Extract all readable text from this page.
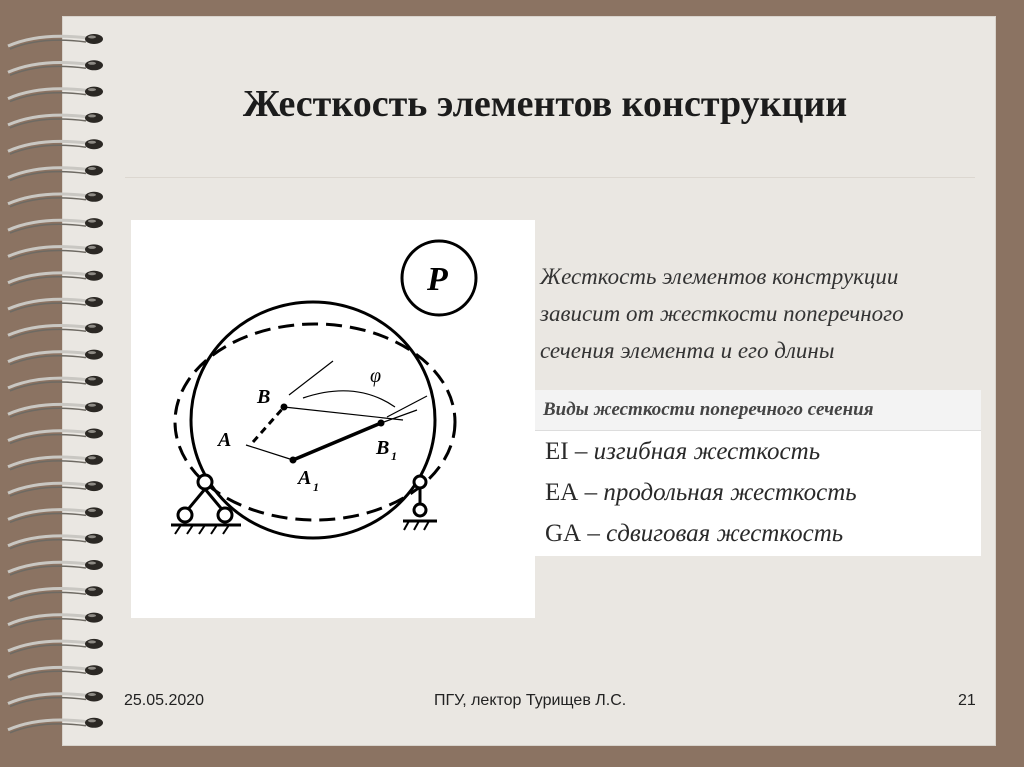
Жесткость элементов конструкции
P
B
A	B 1
A 1
φ
Жесткость элементов конструкции
зависит от жесткости поперечного
сечения элемента и его длины
Виды жесткости поперечного сечения
EI – изгибная жесткость
EA – продольная жесткость
GA – сдвиговая жесткость
25.05.2020	ПГУ, лектор Турищев Л.С.	21
